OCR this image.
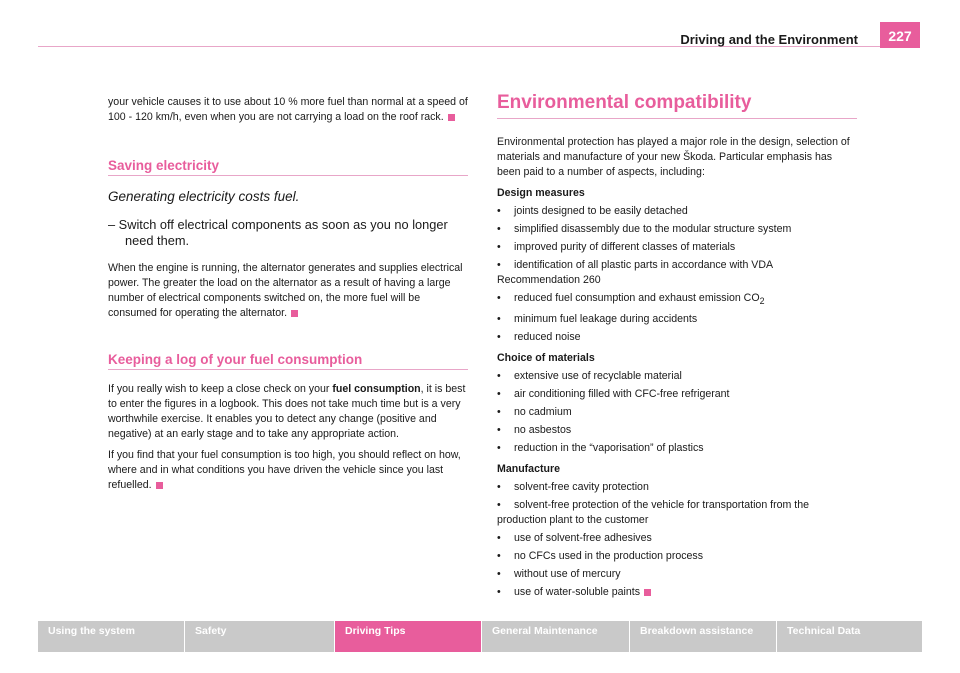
Driving and the Environment	227

your vehicle causes it to use about 10 % more fuel than normal at a speed of 100 - 120 km/h, even when you are not carrying a load on the roof rack.

Saving electricity

Generating electricity costs fuel.

– Switch off electrical components as soon as you no longer need them.

When the engine is running, the alternator generates and supplies electrical power. The greater the load on the alternator as a result of having a large number of electrical components switched on, the more fuel will be consumed for operating the alternator.

Keeping a log of your fuel consumption

If you really wish to keep a close check on your fuel consumption, it is best to enter the figures in a logbook. This does not take much time but is a very worthwhile exercise. It enables you to detect any change (positive and negative) at an early stage and to take any appropriate action.

If you find that your fuel consumption is too high, you should reflect on how, where and in what conditions you have driven the vehicle since you last refuelled.

Environmental compatibility

Environmental protection has played a major role in the design, selection of materials and manufacture of your new Škoda. Particular emphasis has been paid to a number of aspects, including:

Design measures

•	joints designed to be easily detached
•	simplified disassembly due to the modular structure system
•	improved purity of different classes of materials
• identification of all plastic parts in accordance with VDA Recommendation 260
•	reduced fuel consumption and exhaust emission $CO_2$
•	minimum fuel leakage during accidents
•	reduced noise

Choice of materials

•	extensive use of recyclable material
•	air conditioning filled with CFC-free refrigerant
•	no cadmium
•	no asbestos
•	reduction in the “vaporisation” of plastics

Manufacture

•	solvent-free cavity protection
• solvent-free protection of the vehicle for transportation from the production plant to the customer
•	use of solvent-free adhesives
•	no CFCs used in the production process
•	without use of mercury
•	use of water-soluble paints
Using the system	Safety	Driving Tips	General Maintenance	Breakdown assistance	Technical Data
